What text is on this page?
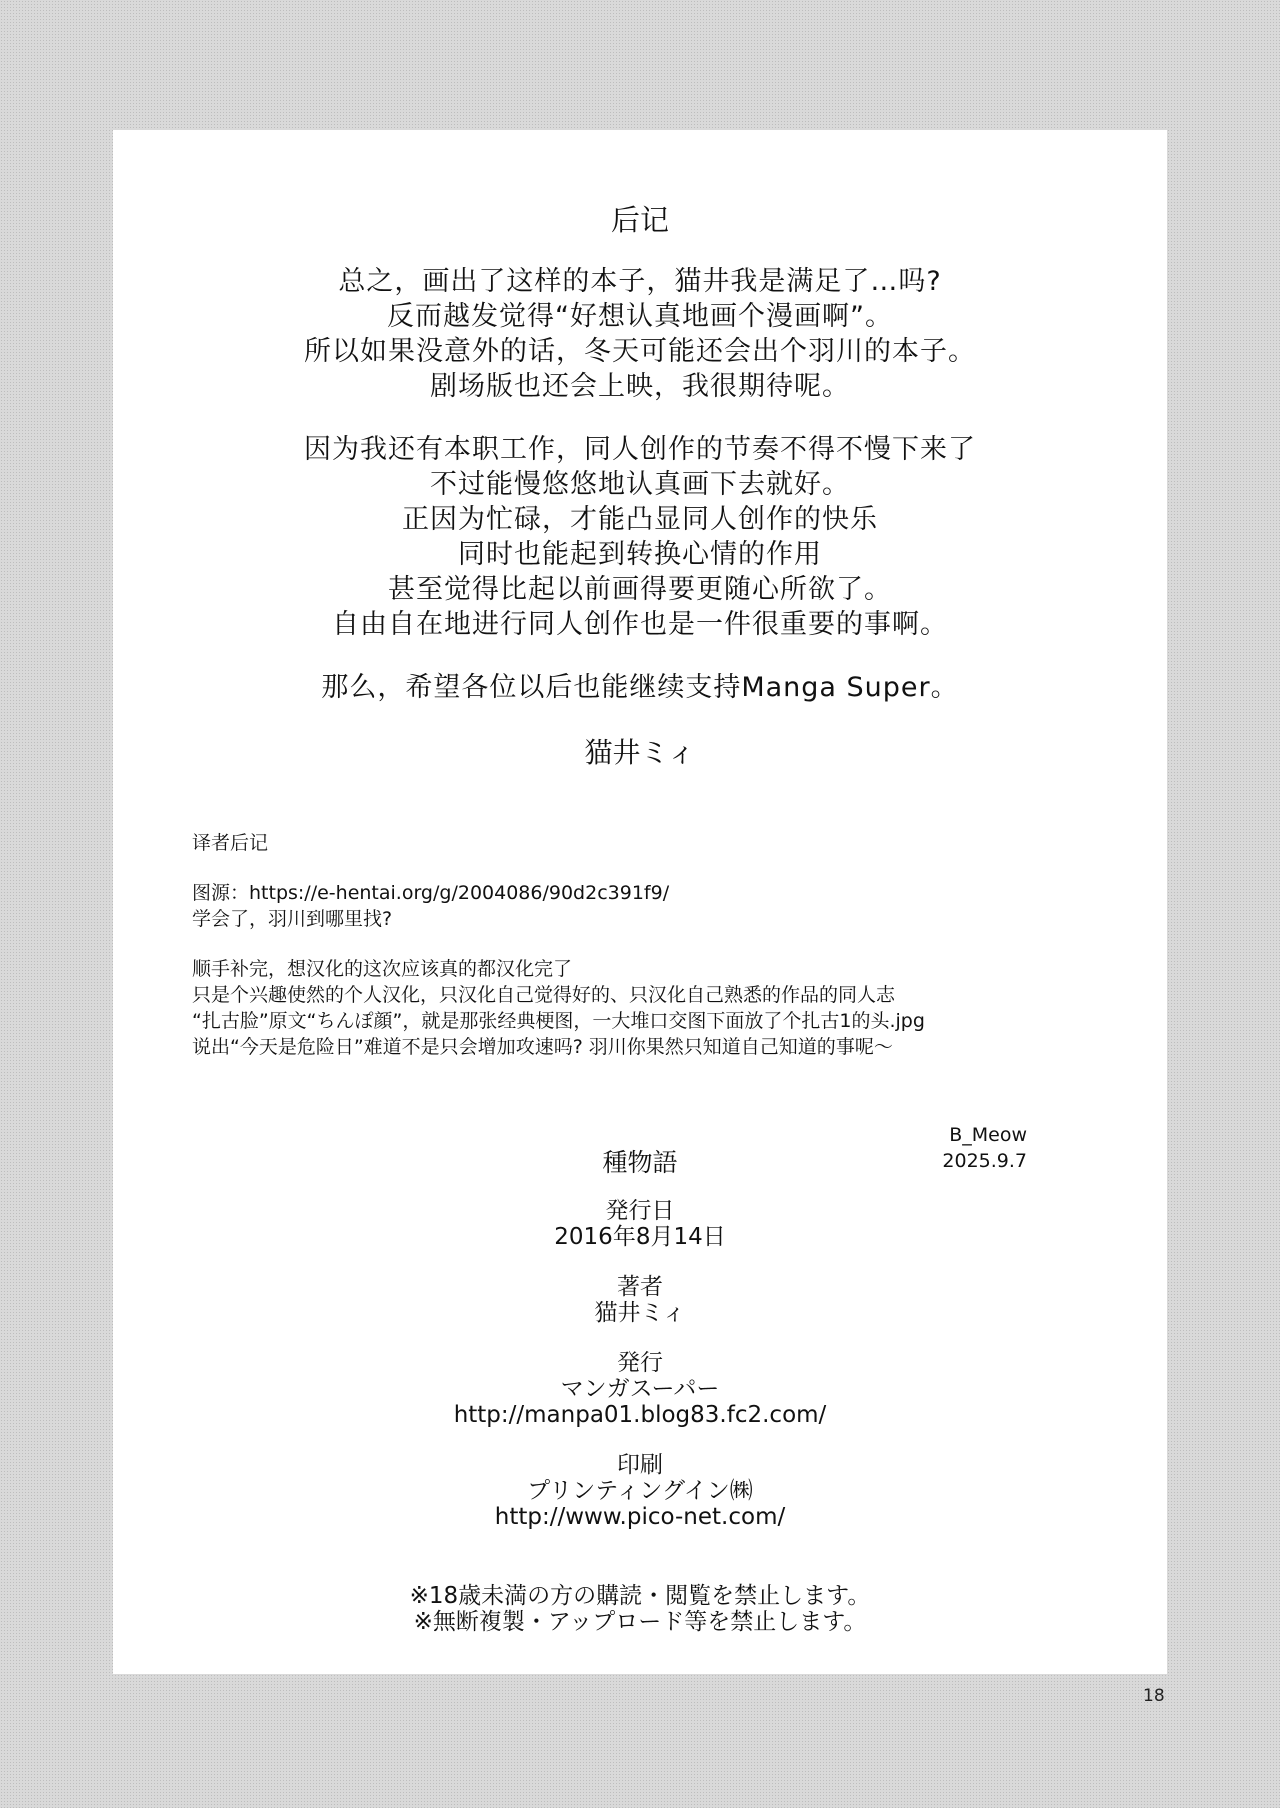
后记
总之，画出了这样的本子，猫井我是满足了…吗?
反而越发觉得“好想认真地画个漫画啊”。
所以如果没意外的话，冬天可能还会出个羽川的本子。
剧场版也还会上映，我很期待呢。
因为我还有本职工作，同人创作的节奏不得不慢下来了
不过能慢悠悠地认真画下去就好。
正因为忙碌，才能凸显同人创作的快乐
同时也能起到转换心情的作用
甚至觉得比起以前画得要更随心所欲了。
自由自在地进行同人创作也是一件很重要的事啊。
那么，希望各位以后也能继续支持Manga Super。
猫井ミィ
译者后记
图源：https://e-hentai.org/g/2004086/90d2c391f9/
学会了，羽川到哪里找?
顺手补完，想汉化的这次应该真的都汉化完了
只是个兴趣使然的个人汉化，只汉化自己觉得好的、只汉化自己熟悉的作品的同人志
“扎古脸”原文“ちんぽ顔”，就是那张经典梗图，一大堆口交图下面放了个扎古1的头.jpg
说出“今天是危险日”难道不是只会增加攻速吗? 羽川你果然只知道自己知道的事呢～
B_Meow
2025.9.7
種物語
発行日
2016年8月14日
著者
猫井ミィ
発行
マンガスーパー
http://manpa01.blog83.fc2.com/
印刷
プリンティングイン㈱
http://www.pico-net.com/
※18歳未満の方の購読・閲覧を禁止します。
※無断複製・アップロード等を禁止します。
18
